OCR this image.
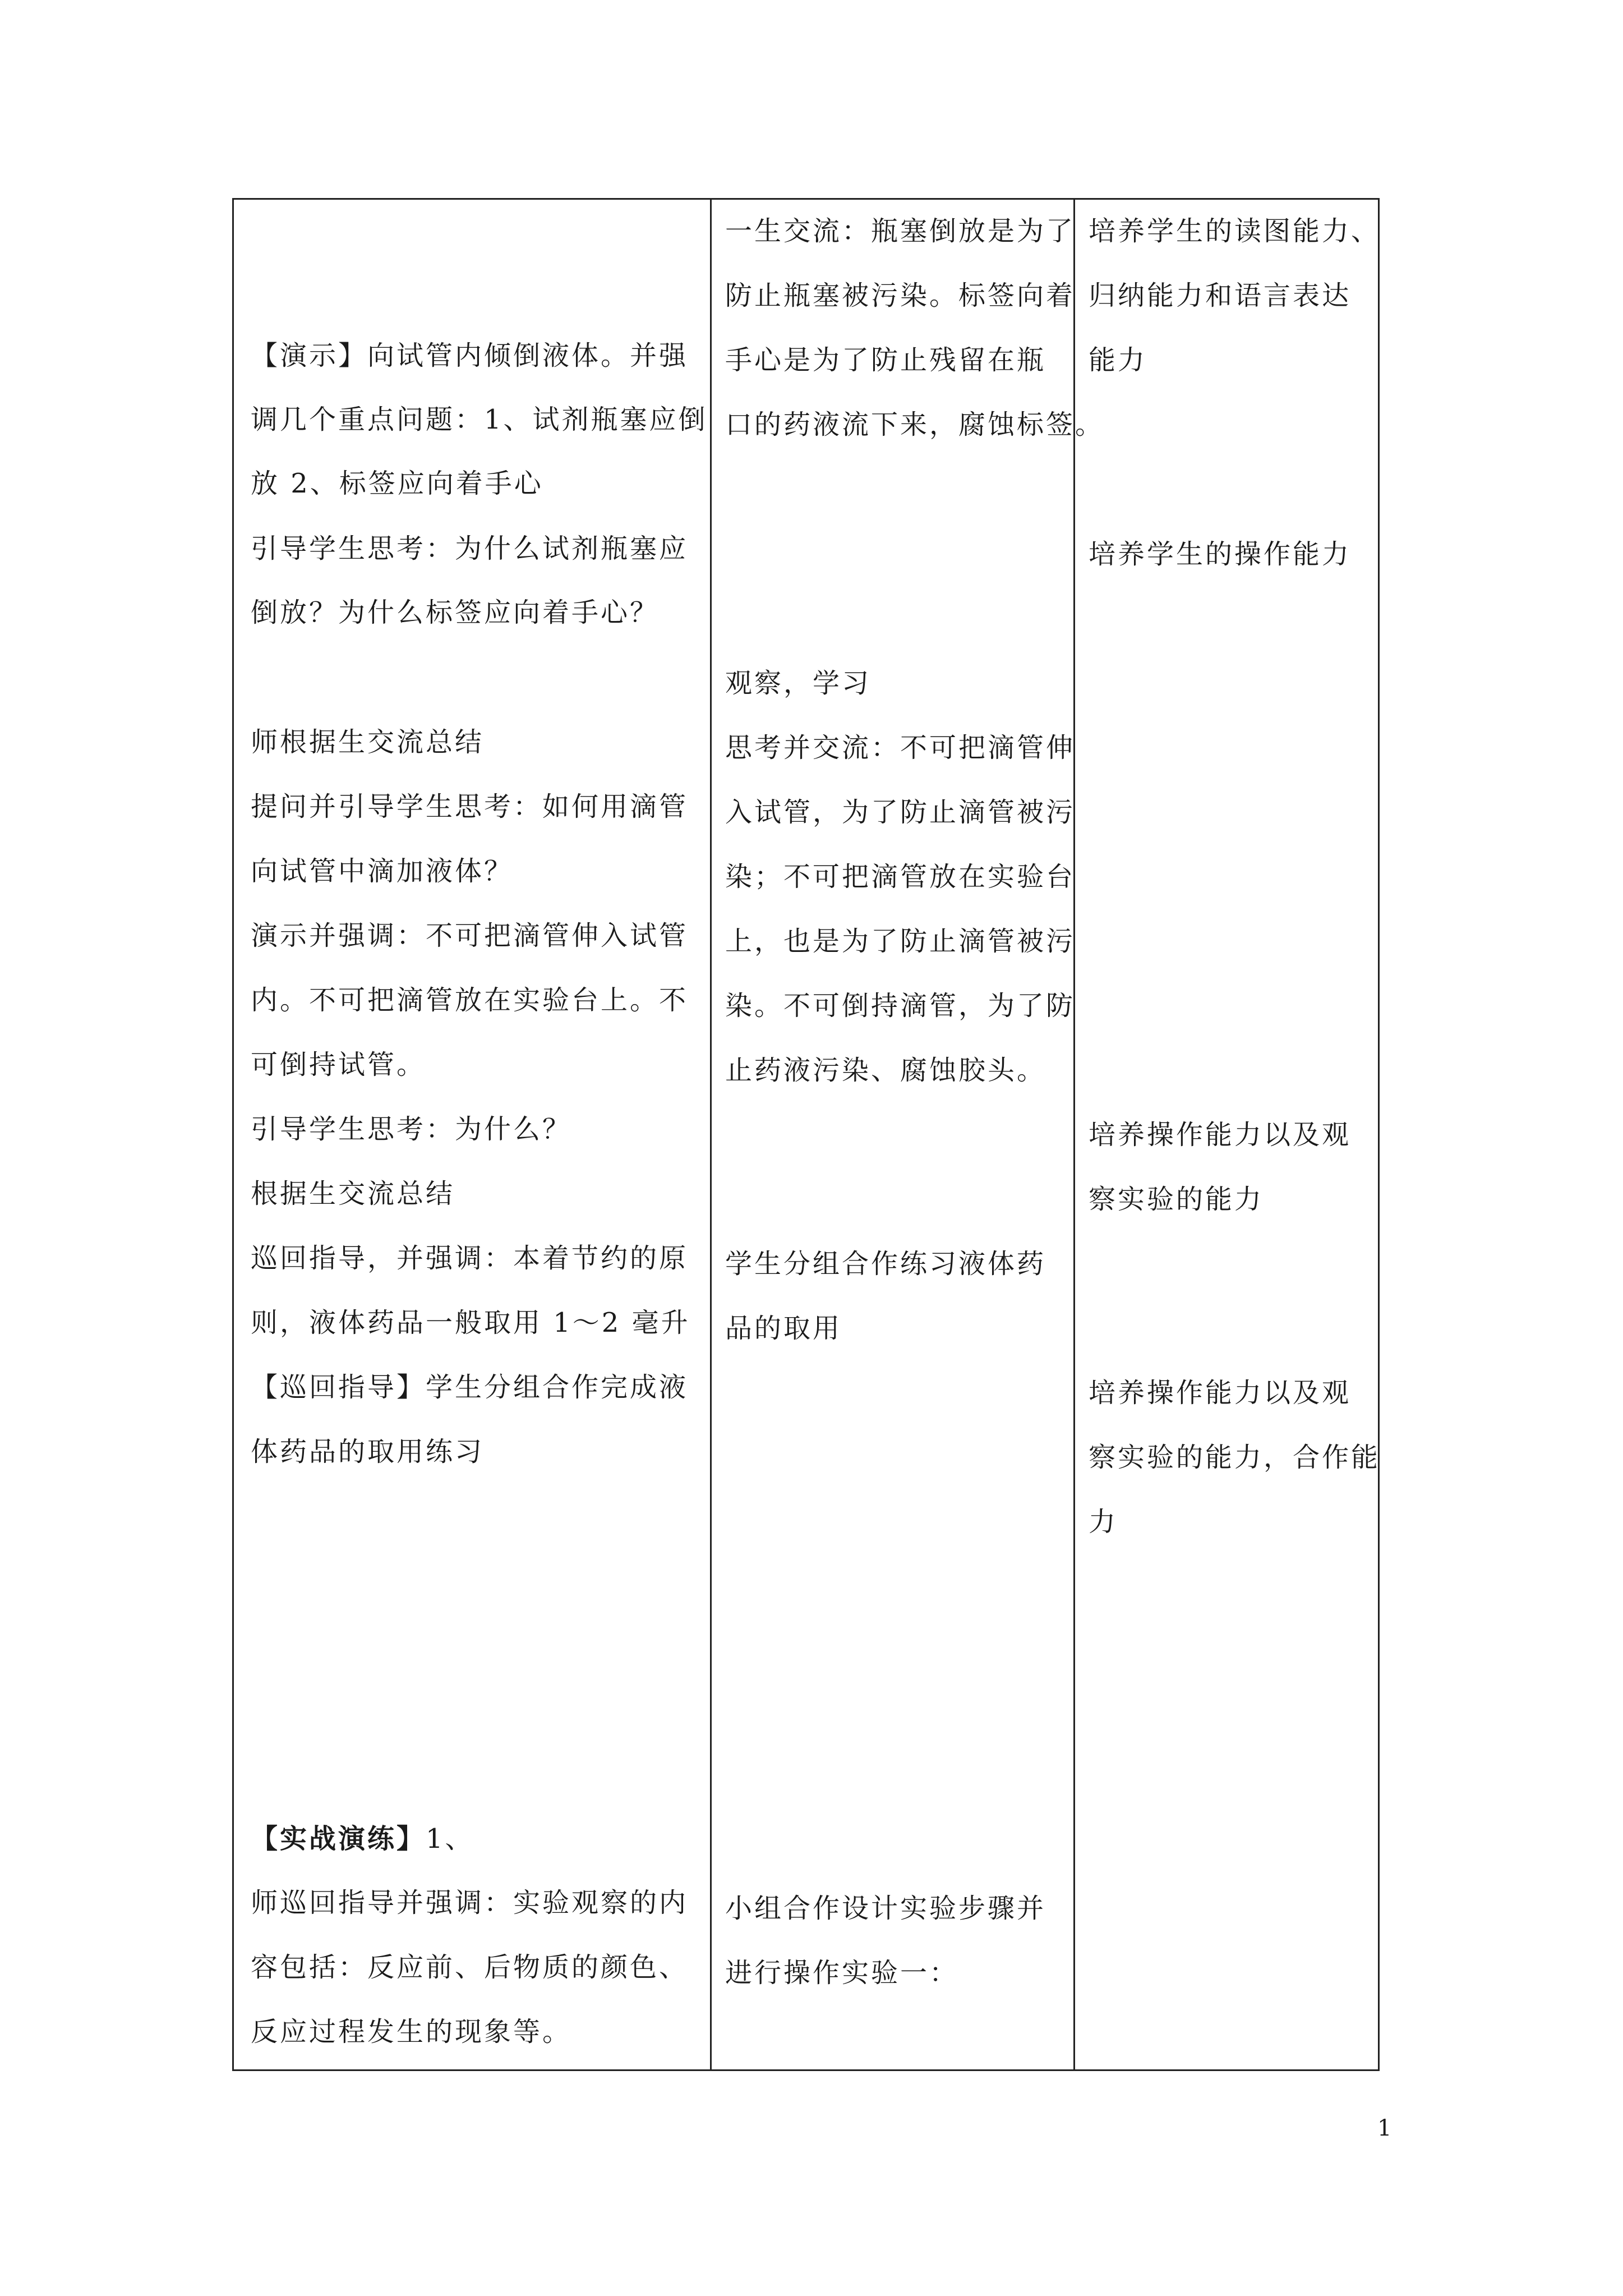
【演示】向试管内倾倒液体。并强
调几个重点问题：1、试剂瓶塞应倒
放 2、标签应向着手心
引导学生思考：为什么试剂瓶塞应
倒放？为什么标签应向着手心？
师根据生交流总结
提问并引导学生思考：如何用滴管
向试管中滴加液体？
演示并强调：不可把滴管伸入试管
内。不可把滴管放在实验台上。不
可倒持试管。
引导学生思考：为什么？
根据生交流总结
巡回指导，并强调：本着节约的原
则，液体药品一般取用 1～2 毫升
【巡回指导】学生分组合作完成液
体药品的取用练习
【实战演练】1、
师巡回指导并强调：实验观察的内
容包括：反应前、后物质的颜色、
反应过程发生的现象等。
一生交流：瓶塞倒放是为了
防止瓶塞被污染。标签向着
手心是为了防止残留在瓶
口的药液流下来，腐蚀标签。
观察，学习
思考并交流：不可把滴管伸
入试管，为了防止滴管被污
染；不可把滴管放在实验台
上，也是为了防止滴管被污
染。不可倒持滴管，为了防
止药液污染、腐蚀胶头。
学生分组合作练习液体药
品的取用
小组合作设计实验步骤并
进行操作实验一：
培养学生的读图能力、
归纳能力和语言表达
能力
培养学生的操作能力
培养操作能力以及观
察实验的能力
培养操作能力以及观
察实验的能力，合作能
力
1
